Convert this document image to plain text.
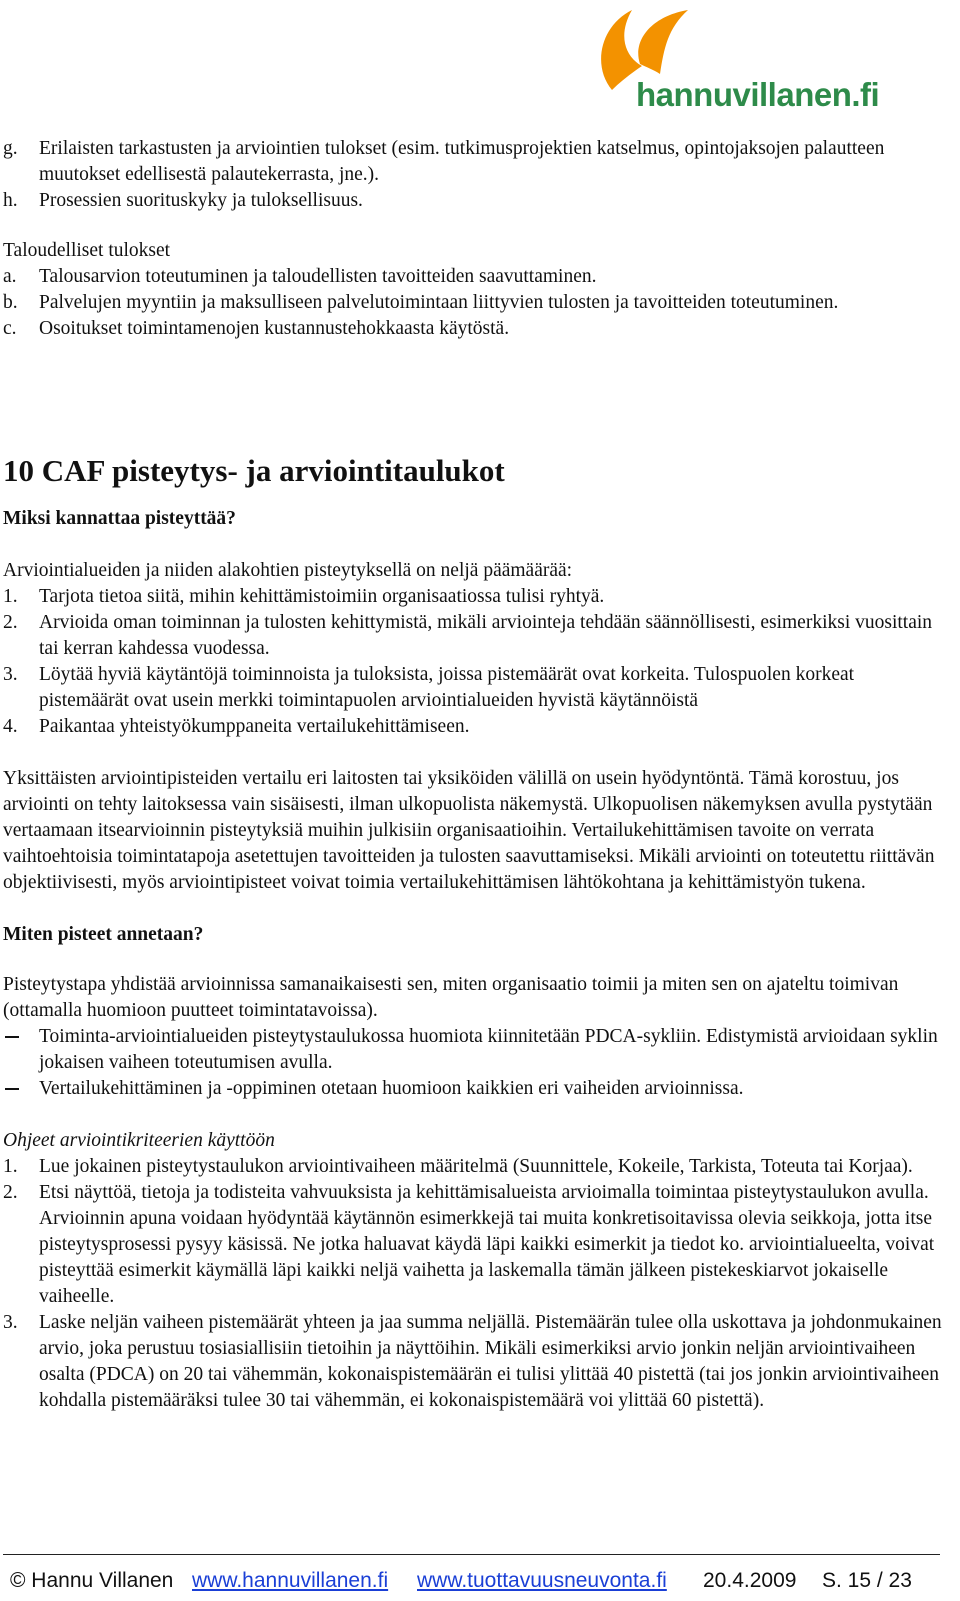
hannuvillanen.fi
g. Erilaisten tarkastusten ja arviointien tulokset (esim. tutkimusprojektien katselmus, opintojaksojen palautteen muutokset edellisestä palautekerrasta, jne.).
h. Prosessien suorituskyky ja tuloksellisuus.

Taloudelliset tulokset

a. Talousarvion toteutuminen ja taloudellisten tavoitteiden saavuttaminen.
b. Palvelujen myyntiin ja maksulliseen palvelutoimintaan liittyvien tulosten ja tavoitteiden toteutuminen.
c. Osoitukset toimintamenojen kustannustehokkaasta käytöstä.
10 CAF pisteytys- ja arviointitaulukot
Miksi kannattaa pisteyttää?

Arviointialueiden ja niiden alakohtien pisteytyksellä on neljä päämäärää:

1. Tarjota tietoa siitä, mihin kehittämistoimiin organisaatiossa tulisi ryhtyä.
2. Arvioida oman toiminnan ja tulosten kehittymistä, mikäli arviointeja tehdään säännöllisesti, esimerkiksi vuosittain tai kerran kahdessa vuodessa.
3. Löytää hyviä käytäntöjä toiminnoista ja tuloksista, joissa pistemäärät ovat korkeita. Tulospuolen korkeat pistemäärät ovat usein merkki toimintapuolen arviointialueiden hyvistä käytännöistä
4. Paikantaa yhteistyökumppaneita vertailukehittämiseen.

Yksittäisten arviointipisteiden vertailu eri laitosten tai yksiköiden välillä on usein hyödyntöntä. Tämä korostuu, jos arviointi on tehty laitoksessa vain sisäisesti, ilman ulkopuolista näkemystä. Ulkopuolisen näkemyksen avulla pystytään vertaamaan itsearvioinnin pisteytyksiä muihin julkisiin organisaatioihin. Vertailukehittämisen tavoite on verrata vaihtoehtoisia toimintatapoja asetettujen tavoitteiden ja tulosten saavuttamiseksi. Mikäli arviointi on toteutettu riittävän objektiivisesti, myös arviointipisteet voivat toimia vertailukehittämisen lähtökohtana ja kehittämistyön tukena.

Miten pisteet annetaan?

Pisteytystapa yhdistää arvioinnissa samanaikaisesti sen, miten organisaatio toimii ja miten sen on ajateltu toimivan (ottamalla huomioon puutteet toimintatavoissa).

Toiminta-arviointialueiden pisteytystaulukossa huomiota kiinnitetään PDCA-sykliin. Edistymistä arvioidaan syklin jokaisen vaiheen toteutumisen avulla.
Vertailukehittäminen ja -oppiminen otetaan huomioon kaikkien eri vaiheiden arvioinnissa.

Ohjeet arviointikriteerien käyttöön

1. Lue jokainen pisteytystaulukon arviointivaiheen määritelmä (Suunnittele, Kokeile, Tarkista, Toteuta tai Korjaa).
2. Etsi näyttöä, tietoja ja todisteita vahvuuksista ja kehittämisalueista arvioimalla toimintaa pisteytystaulukon avulla. Arvioinnin apuna voidaan hyödyntää käytännön esimerkkejä tai muita konkretisoitavissa olevia seikkoja, jotta itse pisteytysprosessi pysyy käsissä. Ne jotka haluavat käydä läpi kaikki esimerkit ja tiedot ko. arviointialueelta, voivat pisteyttää esimerkit käymällä läpi kaikki neljä vaihetta ja laskemalla tämän jälkeen pistekeskiarvot jokaiselle vaiheelle.
3. Laske neljän vaiheen pistemäärät yhteen ja jaa summa neljällä. Pistemäärän tulee olla uskottava ja johdonmukainen arvio, joka perustuu tosiasiallisiin tietoihin ja näyttöihin. Mikäli esimerkiksi arvio jonkin neljän arviointivaiheen osalta (PDCA) on 20 tai vähemmän, kokonaispistemäärän ei tulisi ylittää 40 pistettä (tai jos jonkin arviointivaiheen kohdalla pistemääräksi tulee 30 tai vähemmän, ei kokonaispistemäärä voi ylittää 60 pistettä).
© Hannu Villanen www.hannuvillanen.fi www.tuottavuusneuvonta.fi 20.4.2009 S. 15 / 23
